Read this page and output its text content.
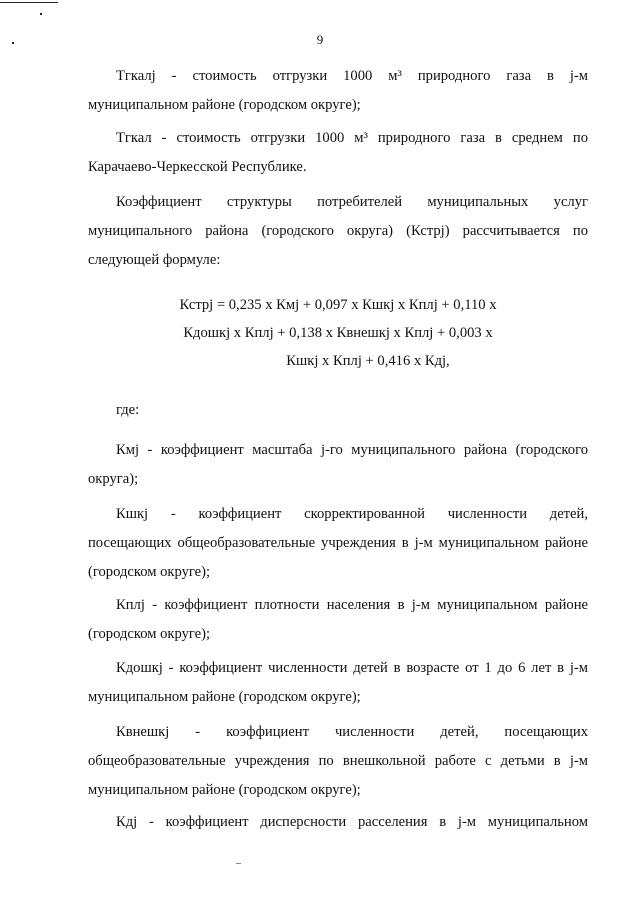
9
Тгкалj - стоимость отгрузки 1000 м³ природного газа в j-м
муниципальном районе (городском округе);
Тгкал - стоимость отгрузки 1000 м³ природного газа в среднем по
Карачаево-Черкесской Республике.
Коэффициент структуры потребителей муниципальных услуг
муниципального района (городского округа) (Кстрj) рассчитывается по
следующей формуле:
Кстрj = 0,235 x Кмj + 0,097 x Кшкj x Кплj + 0,110 x
Кдошкj x Кплj + 0,138 x Квнешкj x Кплj + 0,003 x
Кшкj x Кплj + 0,416 x Кдj,
где:
Кмj - коэффициент масштаба j-го муниципального района (городского
округа);
Кшкj - коэффициент скорректированной численности детей,
посещающих общеобразовательные учреждения в j-м муниципальном районе
(городском округе);
Кплj - коэффициент плотности населения в j-м муниципальном районе
(городском округе);
Кдошкj - коэффициент численности детей в возрасте от 1 до 6 лет в j-м
муниципальном районе (городском округе);
Квнешкj - коэффициент численности детей, посещающих
общеобразовательные учреждения по внешкольной работе с детьми в j-м
муниципальном районе (городском округе);
Кдj - коэффициент дисперсности расселения в j-м муниципальном
